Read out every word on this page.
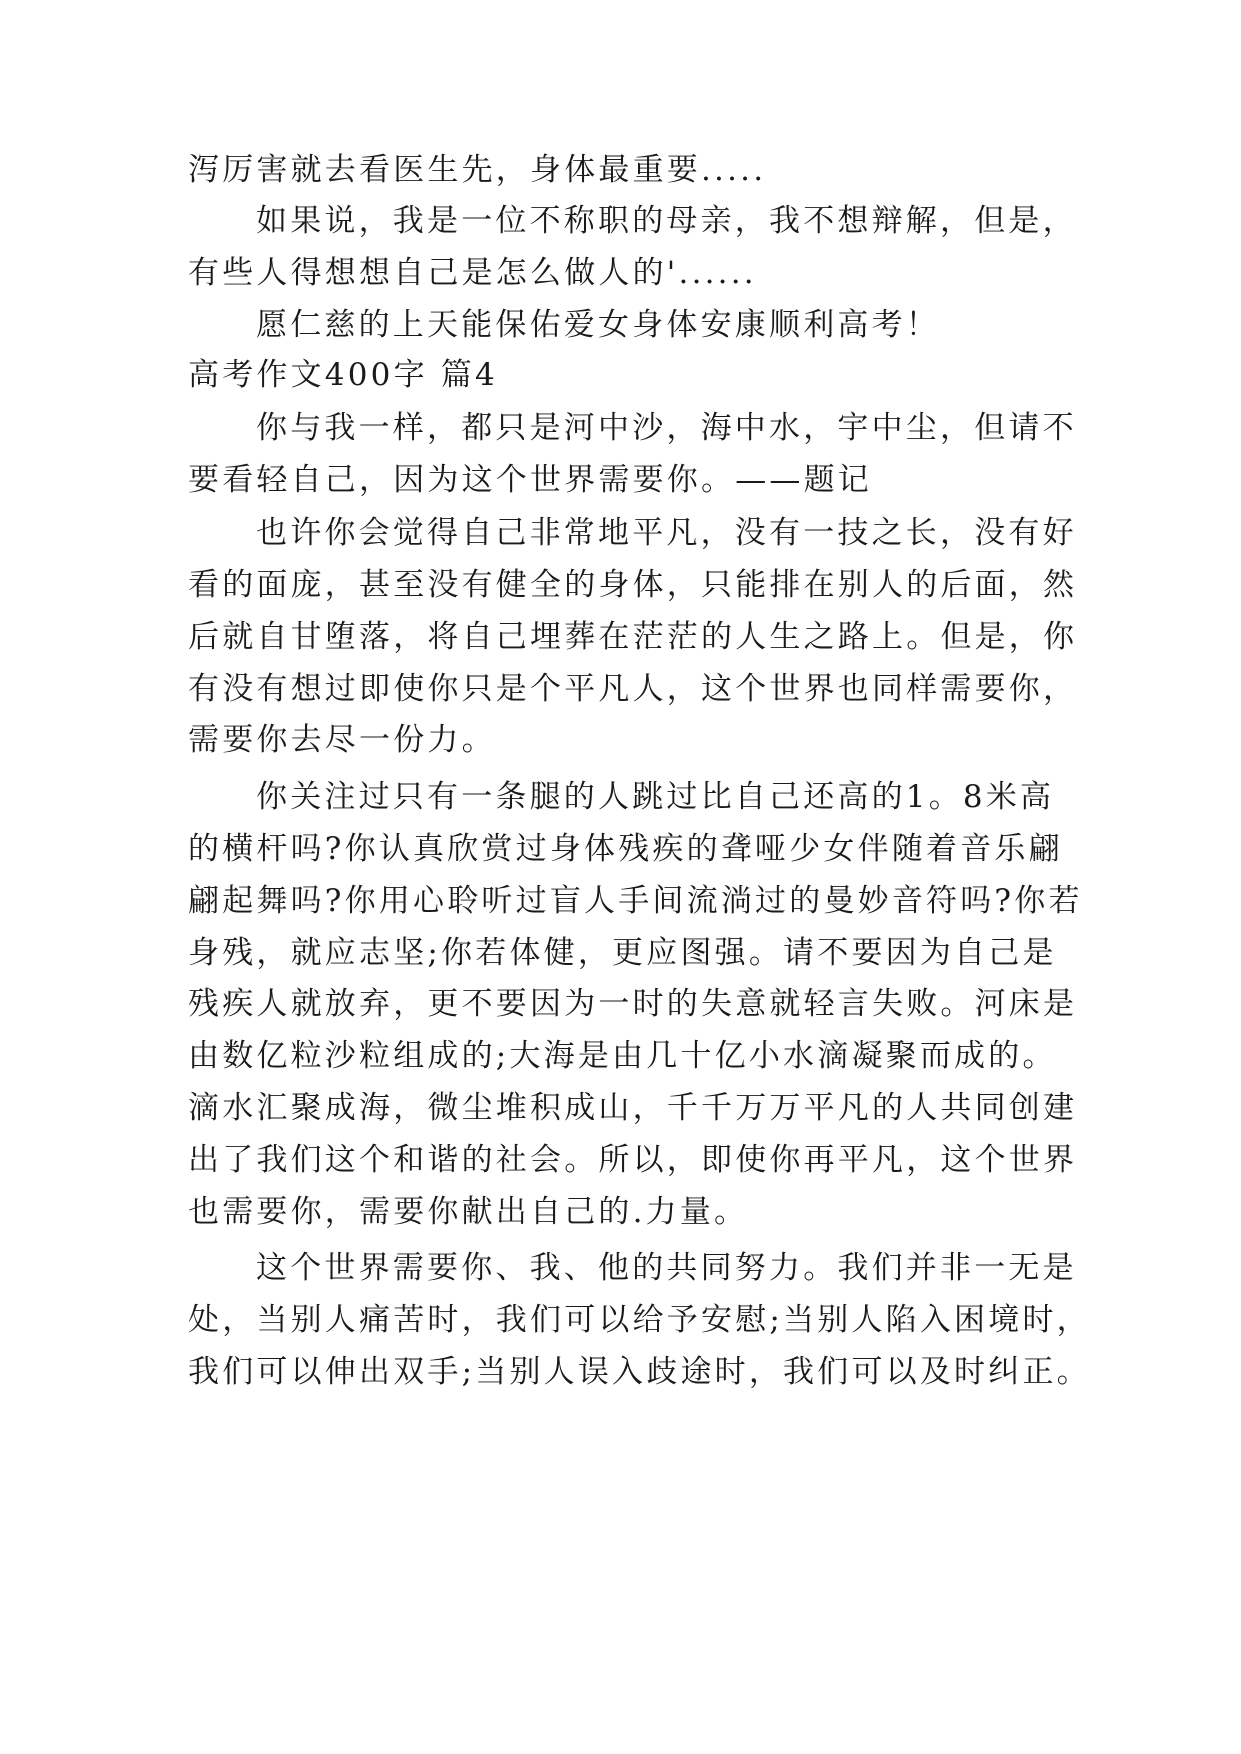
泻厉害就去看医生先，身体最重要.....
如果说，我是一位不称职的母亲，我不想辩解，但是，
有些人得想想自己是怎么做人的'......
愿仁慈的上天能保佑爱女身体安康顺利高考！
高考作文400字 篇4
你与我一样，都只是河中沙，海中水，宇中尘，但请不
要看轻自己，因为这个世界需要你。——题记
也许你会觉得自己非常地平凡，没有一技之长，没有好
看的面庞，甚至没有健全的身体，只能排在别人的后面，然
后就自甘堕落，将自己埋葬在茫茫的人生之路上。但是，你
有没有想过即使你只是个平凡人，这个世界也同样需要你，
需要你去尽一份力。
你关注过只有一条腿的人跳过比自己还高的1。8米高
的横杆吗?你认真欣赏过身体残疾的聋哑少女伴随着音乐翩
翩起舞吗?你用心聆听过盲人手间流淌过的曼妙音符吗?你若
身残，就应志坚;你若体健，更应图强。请不要因为自己是
残疾人就放弃，更不要因为一时的失意就轻言失败。河床是
由数亿粒沙粒组成的;大海是由几十亿小水滴凝聚而成的。
滴水汇聚成海，微尘堆积成山，千千万万平凡的人共同创建
出了我们这个和谐的社会。所以，即使你再平凡，这个世界
也需要你，需要你献出自己的.力量。
这个世界需要你、我、他的共同努力。我们并非一无是
处，当别人痛苦时，我们可以给予安慰;当别人陷入困境时，
我们可以伸出双手;当别人误入歧途时，我们可以及时纠正。
